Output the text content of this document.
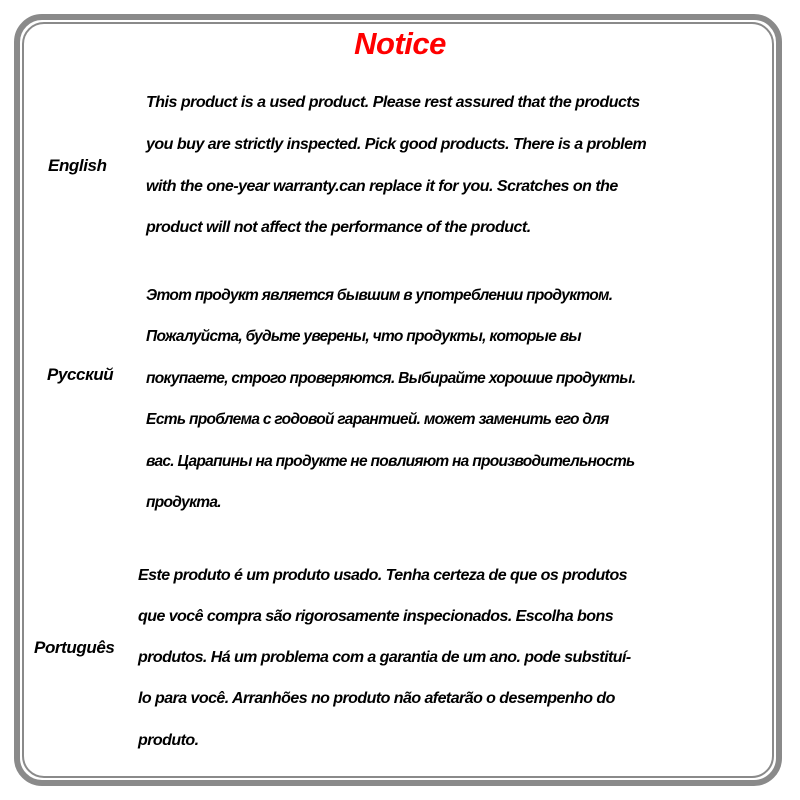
Notice
English
This product is a used product. Please rest assured that the products
you buy are strictly inspected. Pick good products. There is a problem
with the one-year warranty.can replace it for you. Scratches on the
product will not affect the performance of the product.
Русский
Этот продукт является бывшим в употреблении продуктом.
Пожалуйста, будьте уверены, что продукты, которые вы
покупаете, строго проверяются. Выбирайте хорошие продукты.
Есть проблема с годовой гарантией. может заменить его для
вас. Царапины на продукте не повлияют на производительность
продукта.
Português
Este produto é um produto usado. Tenha certeza de que os produtos
que você compra são rigorosamente inspecionados. Escolha bons
produtos. Há um problema com a garantia de um ano. pode substituí-
lo para você. Arranhões no produto não afetarão o desempenho do
produto.
